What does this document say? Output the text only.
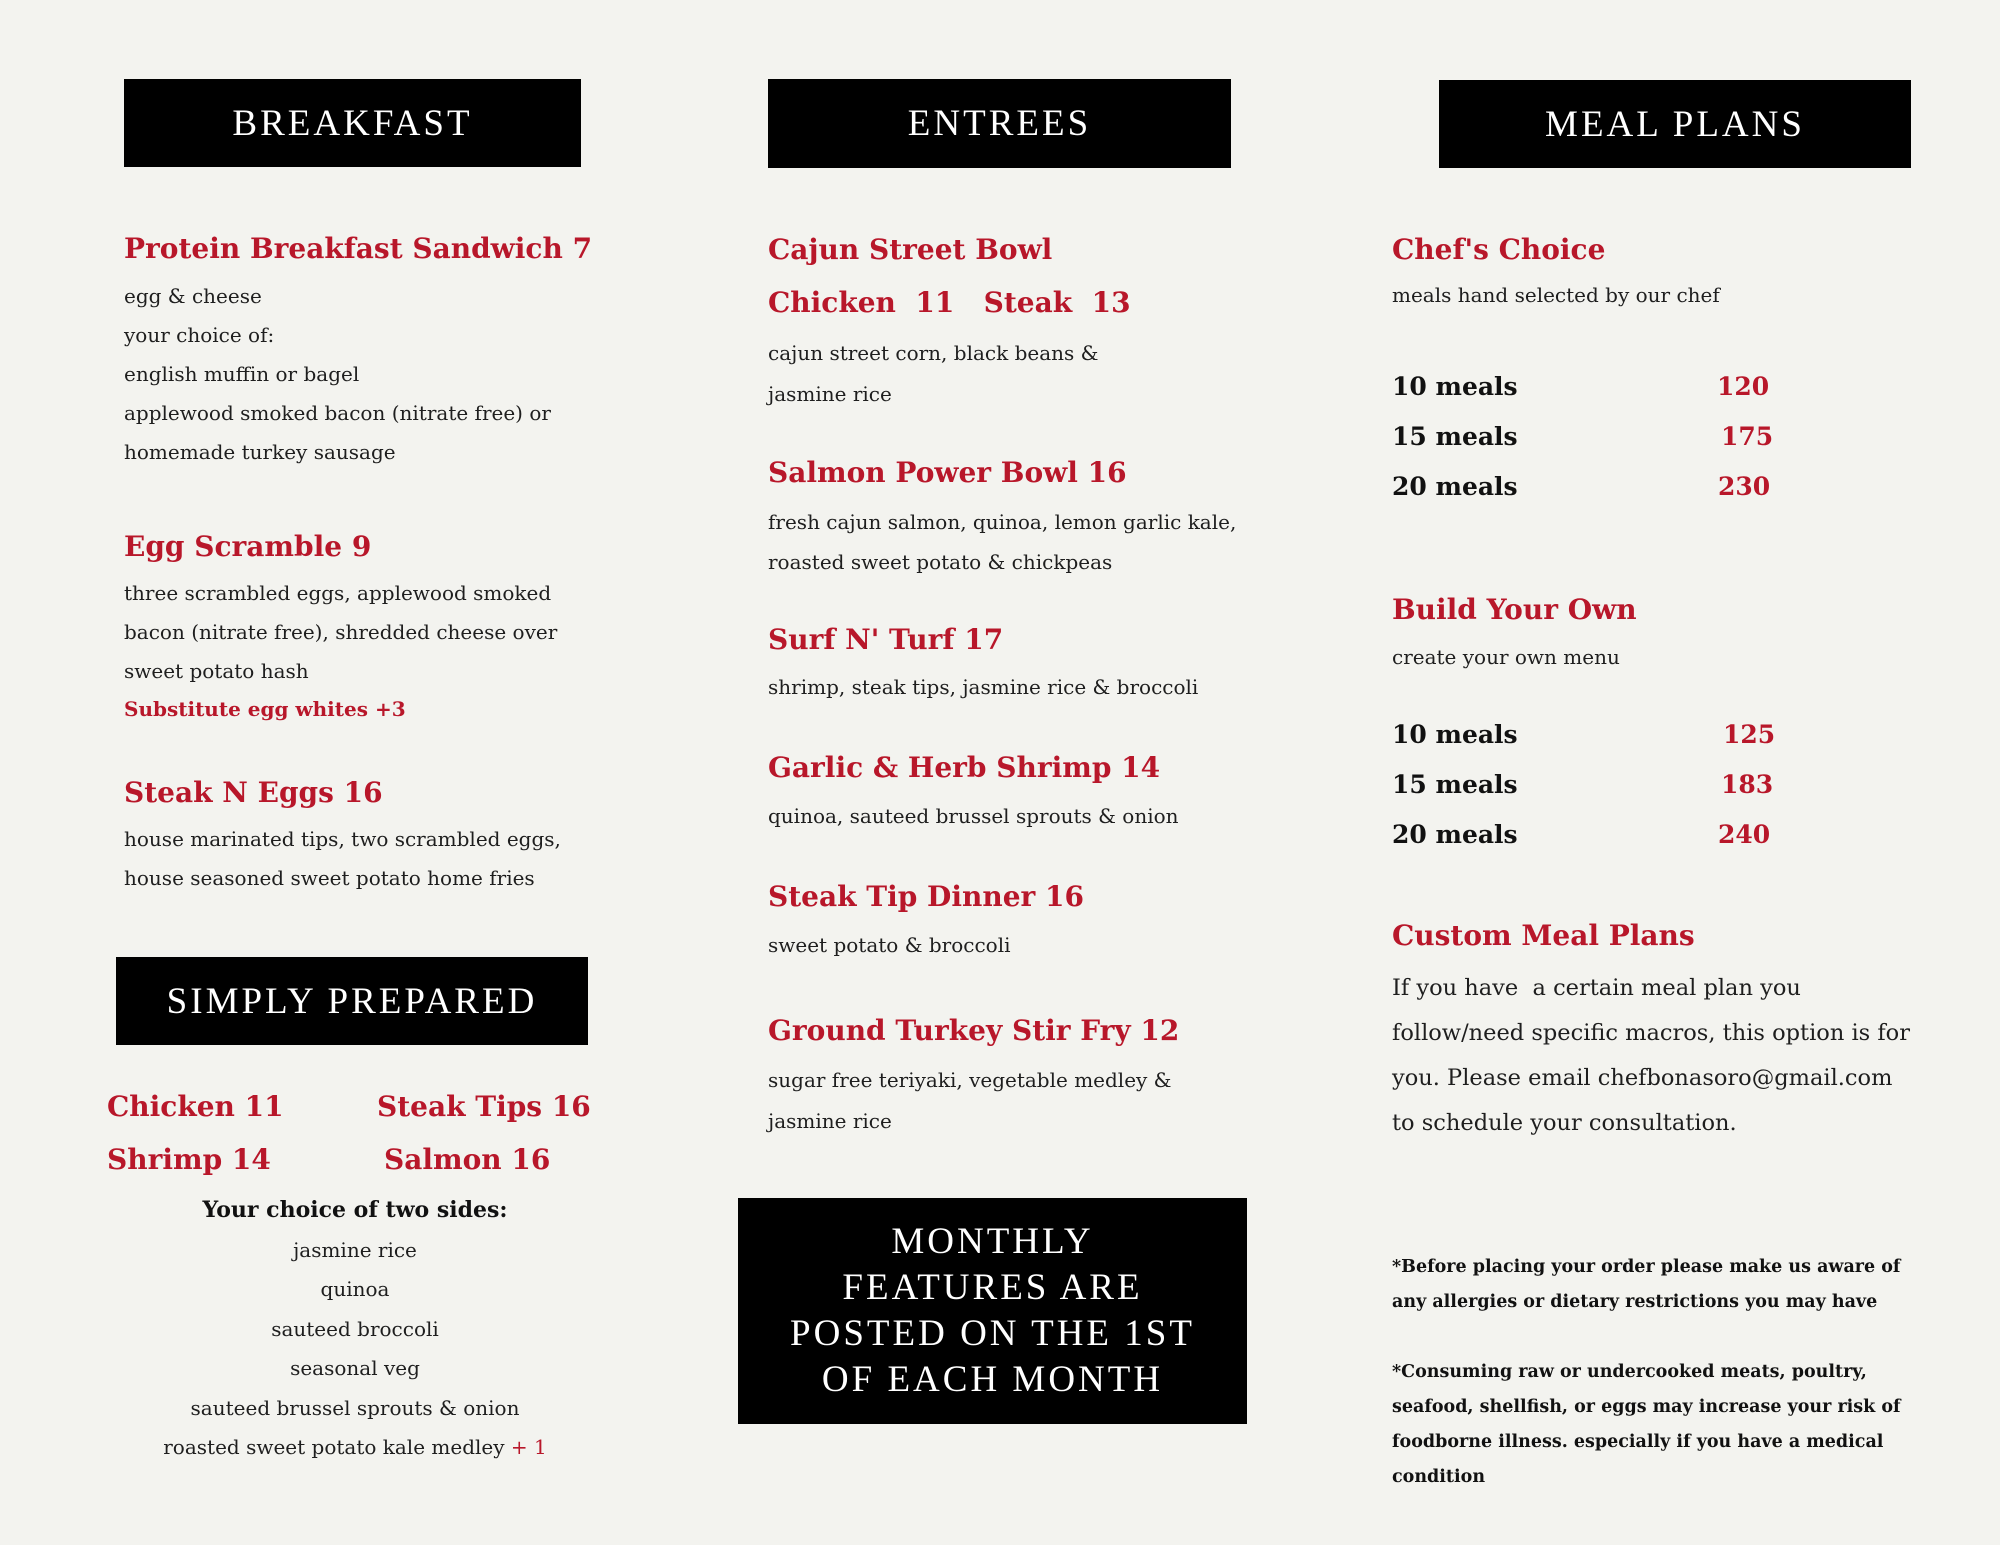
BREAKFAST
Protein Breakfast Sandwich 7
egg & cheese
your choice of:
english muffin or bagel
applewood smoked bacon (nitrate free) or
homemade turkey sausage
Egg Scramble 9
three scrambled eggs, applewood smoked
bacon (nitrate free), shredded cheese over
sweet potato hash
Substitute egg whites +3
Steak N Eggs 16
house marinated tips, two scrambled eggs,
house seasoned sweet potato home fries
SIMPLY PREPARED
Chicken 11	Steak Tips 16
Shrimp 14	Salmon 16
Your choice of two sides:
jasmine rice
quinoa
sauteed broccoli
seasonal veg
sauteed brussel sprouts & onion
roasted sweet potato kale medley + 1
ENTREES
Cajun Street Bowl
Chicken  11   Steak  13
cajun street corn, black beans &
jasmine rice
Salmon Power Bowl 16
fresh cajun salmon, quinoa, lemon garlic kale,
roasted sweet potato & chickpeas
Surf N' Turf 17
shrimp, steak tips, jasmine rice & broccoli
Garlic & Herb Shrimp 14
quinoa, sauteed brussel sprouts & onion
Steak Tip Dinner 16
sweet potato & broccoli
Ground Turkey Stir Fry 12
sugar free teriyaki, vegetable medley &
jasmine rice
MONTHLY
FEATURES ARE
POSTED ON THE 1ST
OF EACH MONTH
MEAL PLANS
Chef's Choice
meals hand selected by our chef
10 meals	120
15 meals	175
20 meals	230
Build Your Own
create your own menu
10 meals	125
15 meals	183
20 meals	240
Custom Meal Plans
If you have  a certain meal plan you
follow/need specific macros, this option is for
you. Please email chefbonasoro@gmail.com
to schedule your consultation.
*Before placing your order please make us aware of
any allergies or dietary restrictions you may have
*Consuming raw or undercooked meats, poultry,
seafood, shellfish, or eggs may increase your risk of
foodborne illness. especially if you have a medical
condition
